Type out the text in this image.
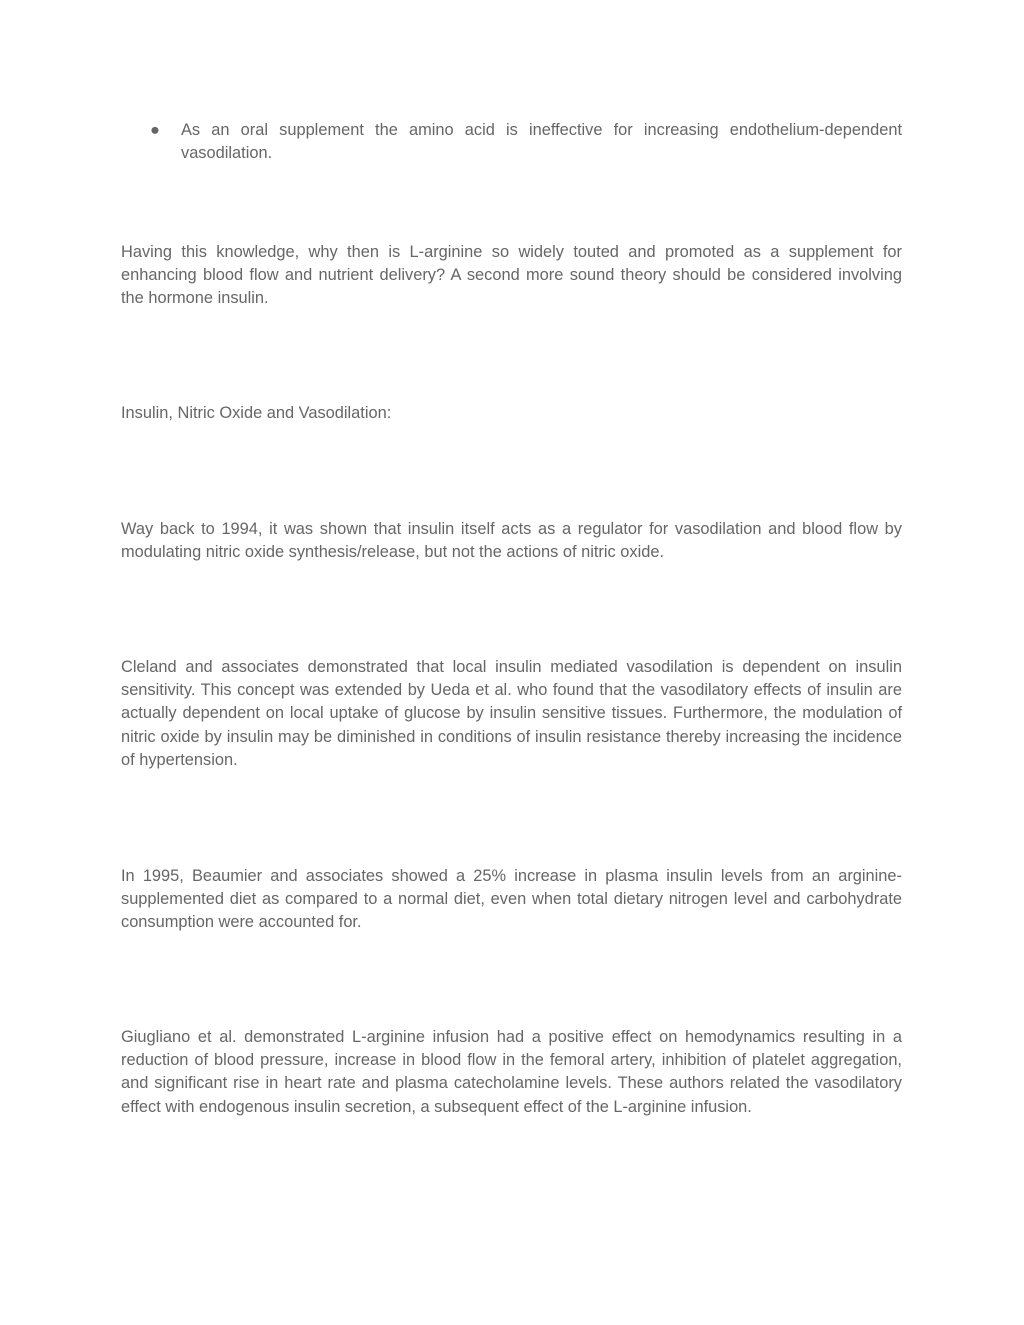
● As an oral supplement the amino acid is ineffective for increasing endothelium-dependent vasodilation.

Having this knowledge, why then is L-arginine so widely touted and promoted as a supplement for enhancing blood flow and nutrient delivery? A second more sound theory should be considered involving the hormone insulin.

Insulin, Nitric Oxide and Vasodilation:

Way back to 1994, it was shown that insulin itself acts as a regulator for vasodilation and blood flow by modulating nitric oxide synthesis/release, but not the actions of nitric oxide.

Cleland and associates demonstrated that local insulin mediated vasodilation is dependent on insulin sensitivity. This concept was extended by Ueda et al. who found that the vasodilatory effects of insulin are actually dependent on local uptake of glucose by insulin sensitive tissues. Furthermore, the modulation of nitric oxide by insulin may be diminished in conditions of insulin resistance thereby increasing the incidence of hypertension.

In 1995, Beaumier and associates showed a 25% increase in plasma insulin levels from an arginine-supplemented diet as compared to a normal diet, even when total dietary nitrogen level and carbohydrate consumption were accounted for.

Giugliano et al. demonstrated L-arginine infusion had a positive effect on hemodynamics resulting in a reduction of blood pressure, increase in blood flow in the femoral artery, inhibition of platelet aggregation, and significant rise in heart rate and plasma catecholamine levels. These authors related the vasodilatory effect with endogenous insulin secretion, a subsequent effect of the L-arginine infusion.
